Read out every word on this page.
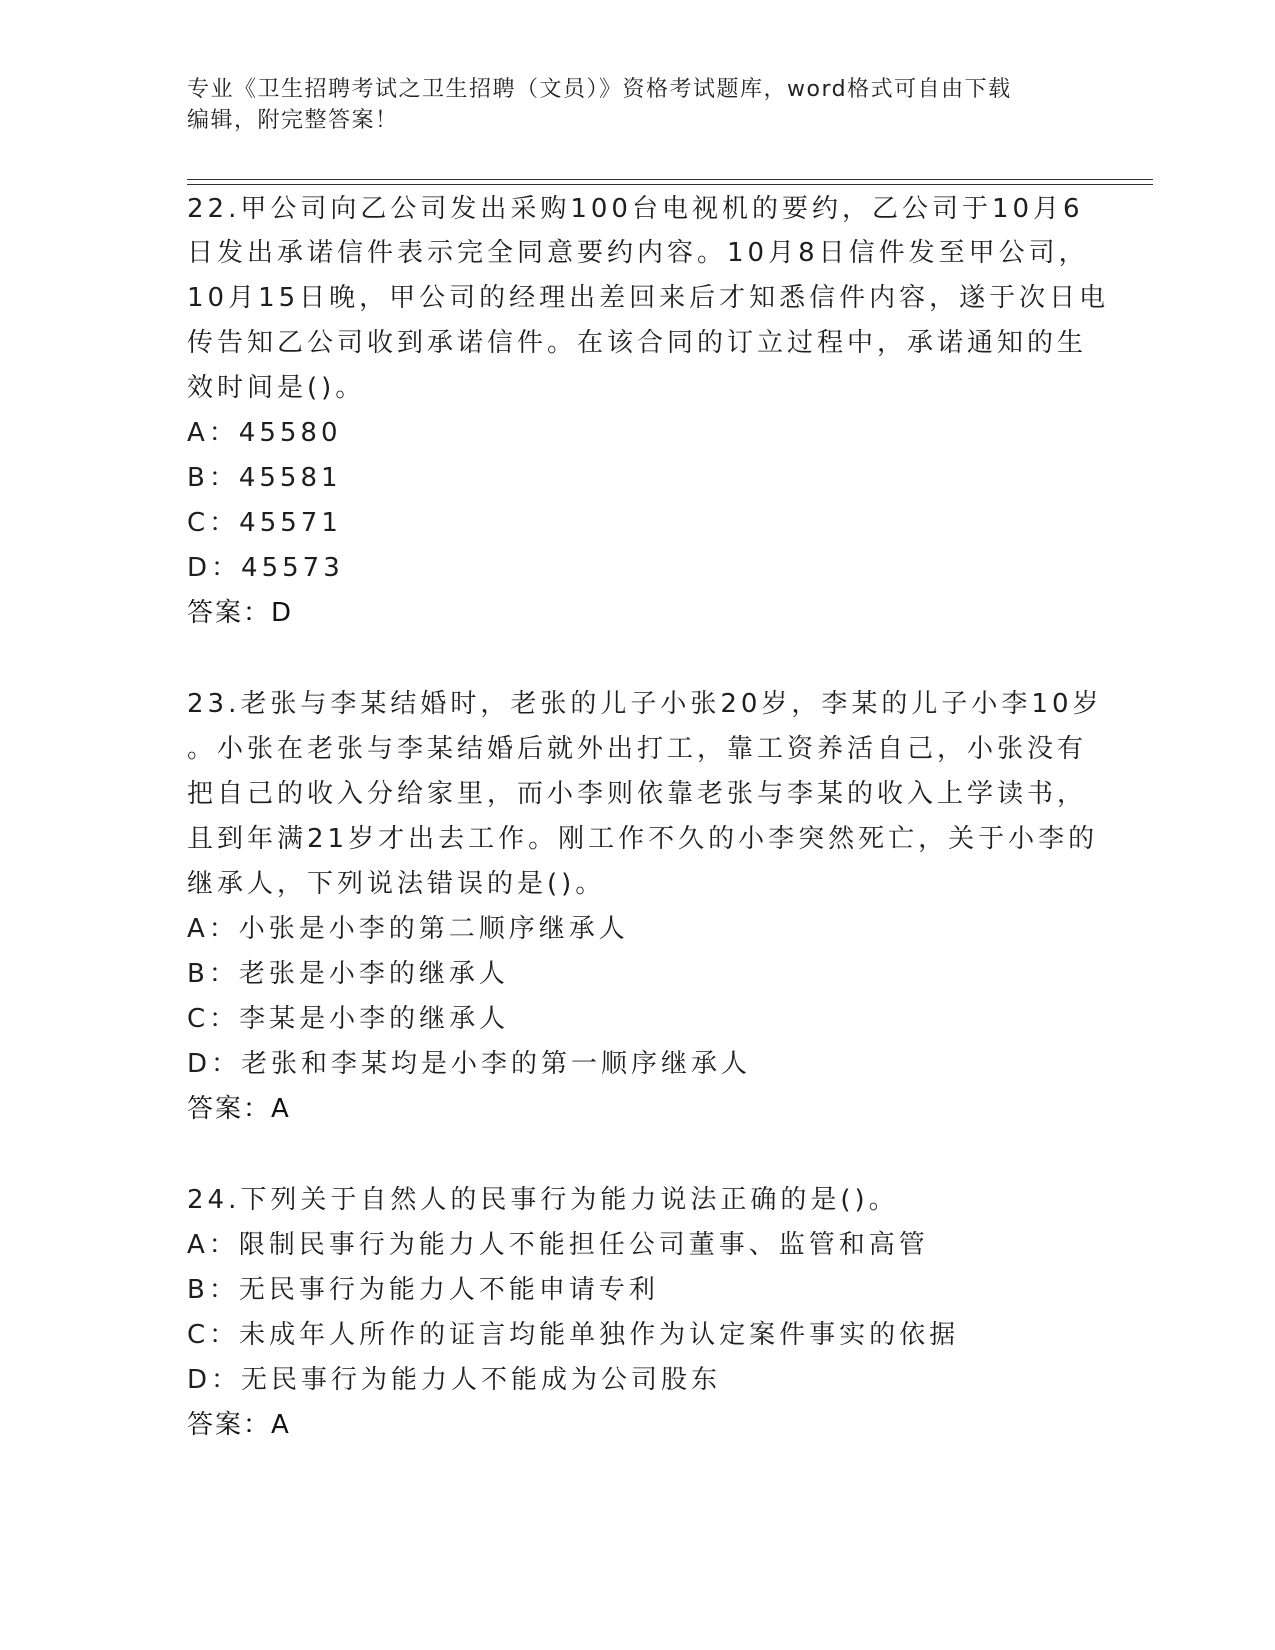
专业《卫生招聘考试之卫生招聘（文员）》资格考试题库，word格式可自由下载
编辑，附完整答案！
22.甲公司向乙公司发出采购100台电视机的要约，乙公司于10月6
日发出承诺信件表示完全同意要约内容。10月8日信件发至甲公司，
10月15日晚，甲公司的经理出差回来后才知悉信件内容，遂于次日电
传告知乙公司收到承诺信件。在该合同的订立过程中，承诺通知的生
效时间是()。
A：45580
B：45581
C：45571
D：45573
答案：D
23.老张与李某结婚时，老张的儿子小张20岁，李某的儿子小李10岁
。小张在老张与李某结婚后就外出打工，靠工资养活自己，小张没有
把自己的收入分给家里，而小李则依靠老张与李某的收入上学读书，
且到年满21岁才出去工作。刚工作不久的小李突然死亡，关于小李的
继承人，下列说法错误的是()。
A：小张是小李的第二顺序继承人
B：老张是小李的继承人
C：李某是小李的继承人
D：老张和李某均是小李的第一顺序继承人
答案：A
24.下列关于自然人的民事行为能力说法正确的是()。
A：限制民事行为能力人不能担任公司董事、监管和高管
B：无民事行为能力人不能申请专利
C：未成年人所作的证言均能单独作为认定案件事实的依据
D：无民事行为能力人不能成为公司股东
答案：A
